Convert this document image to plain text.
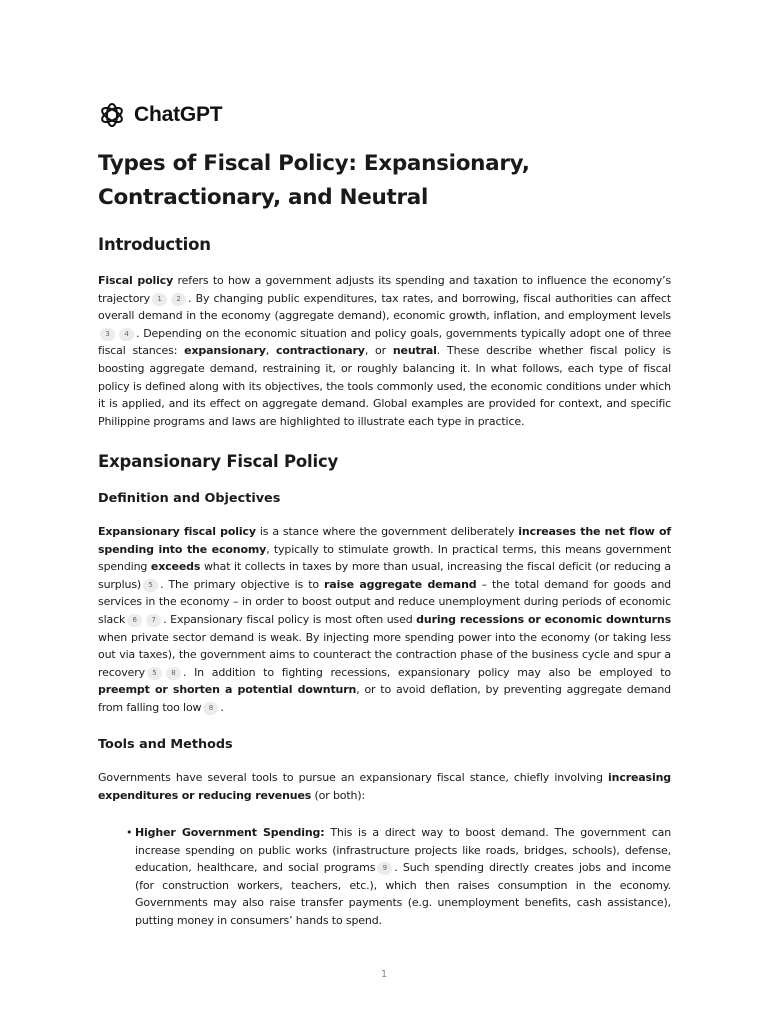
ChatGPT
Types of Fiscal Policy: Expansionary, Contractionary, and Neutral
Introduction

Fiscal policy refers to how a government adjusts its spending and taxation to influence the economy’s trajectory 1 2 . By changing public expenditures, tax rates, and borrowing, fiscal authorities can affect overall demand in the economy (aggregate demand), economic growth, inflation, and employment levels3 4 . Depending on the economic situation and policy goals, governments typically adopt one of three fiscal stances: expansionary, contractionary, or neutral. These describe whether fiscal policy is boosting aggregate demand, restraining it, or roughly balancing it. In what follows, each type of fiscal policy is defined along with its objectives, the tools commonly used, the economic conditions under which it is applied, and its effect on aggregate demand. Global examples are provided for context, and specific Philippine programs and laws are highlighted to illustrate each type in practice.

Expansionary Fiscal Policy
Definition and Objectives

Expansionary fiscal policy is a stance where the government deliberately increases the net flow of spending into the economy, typically to stimulate growth. In practical terms, this means government spending exceeds what it collects in taxes by more than usual, increasing the fiscal deficit (or reducing a surplus) 5 . The primary objective is to raise aggregate demand – the total demand for goods and services in the economy – in order to boost output and reduce unemployment during periods of economic slack 6 7 . Expansionary fiscal policy is most often used during recessions or economic downturns when private sector demand is weak. By injecting more spending power into the economy (or taking less out via taxes), the government aims to counteract the contraction phase of the business cycle and spur a recovery 5 8 . In addition to fighting recessions, expansionary policy may also be employed to preempt or shorten a potential downturn, or to avoid deflation, by preventing aggregate demand from falling too low 8 .

Tools and Methods

Governments have several tools to pursue an expansionary fiscal stance, chiefly involving increasing expenditures or reducing revenues (or both):

• Higher Government Spending: This is a direct way to boost demand. The government can increase spending on public works (infrastructure projects like roads, bridges, schools), defense, education, healthcare, and social programs 9 . Such spending directly creates jobs and income (for construction workers, teachers, etc.), which then raises consumption in the economy. Governments may also raise transfer payments (e.g. unemployment benefits, cash assistance), putting money in consumers’ hands to spend.

1
